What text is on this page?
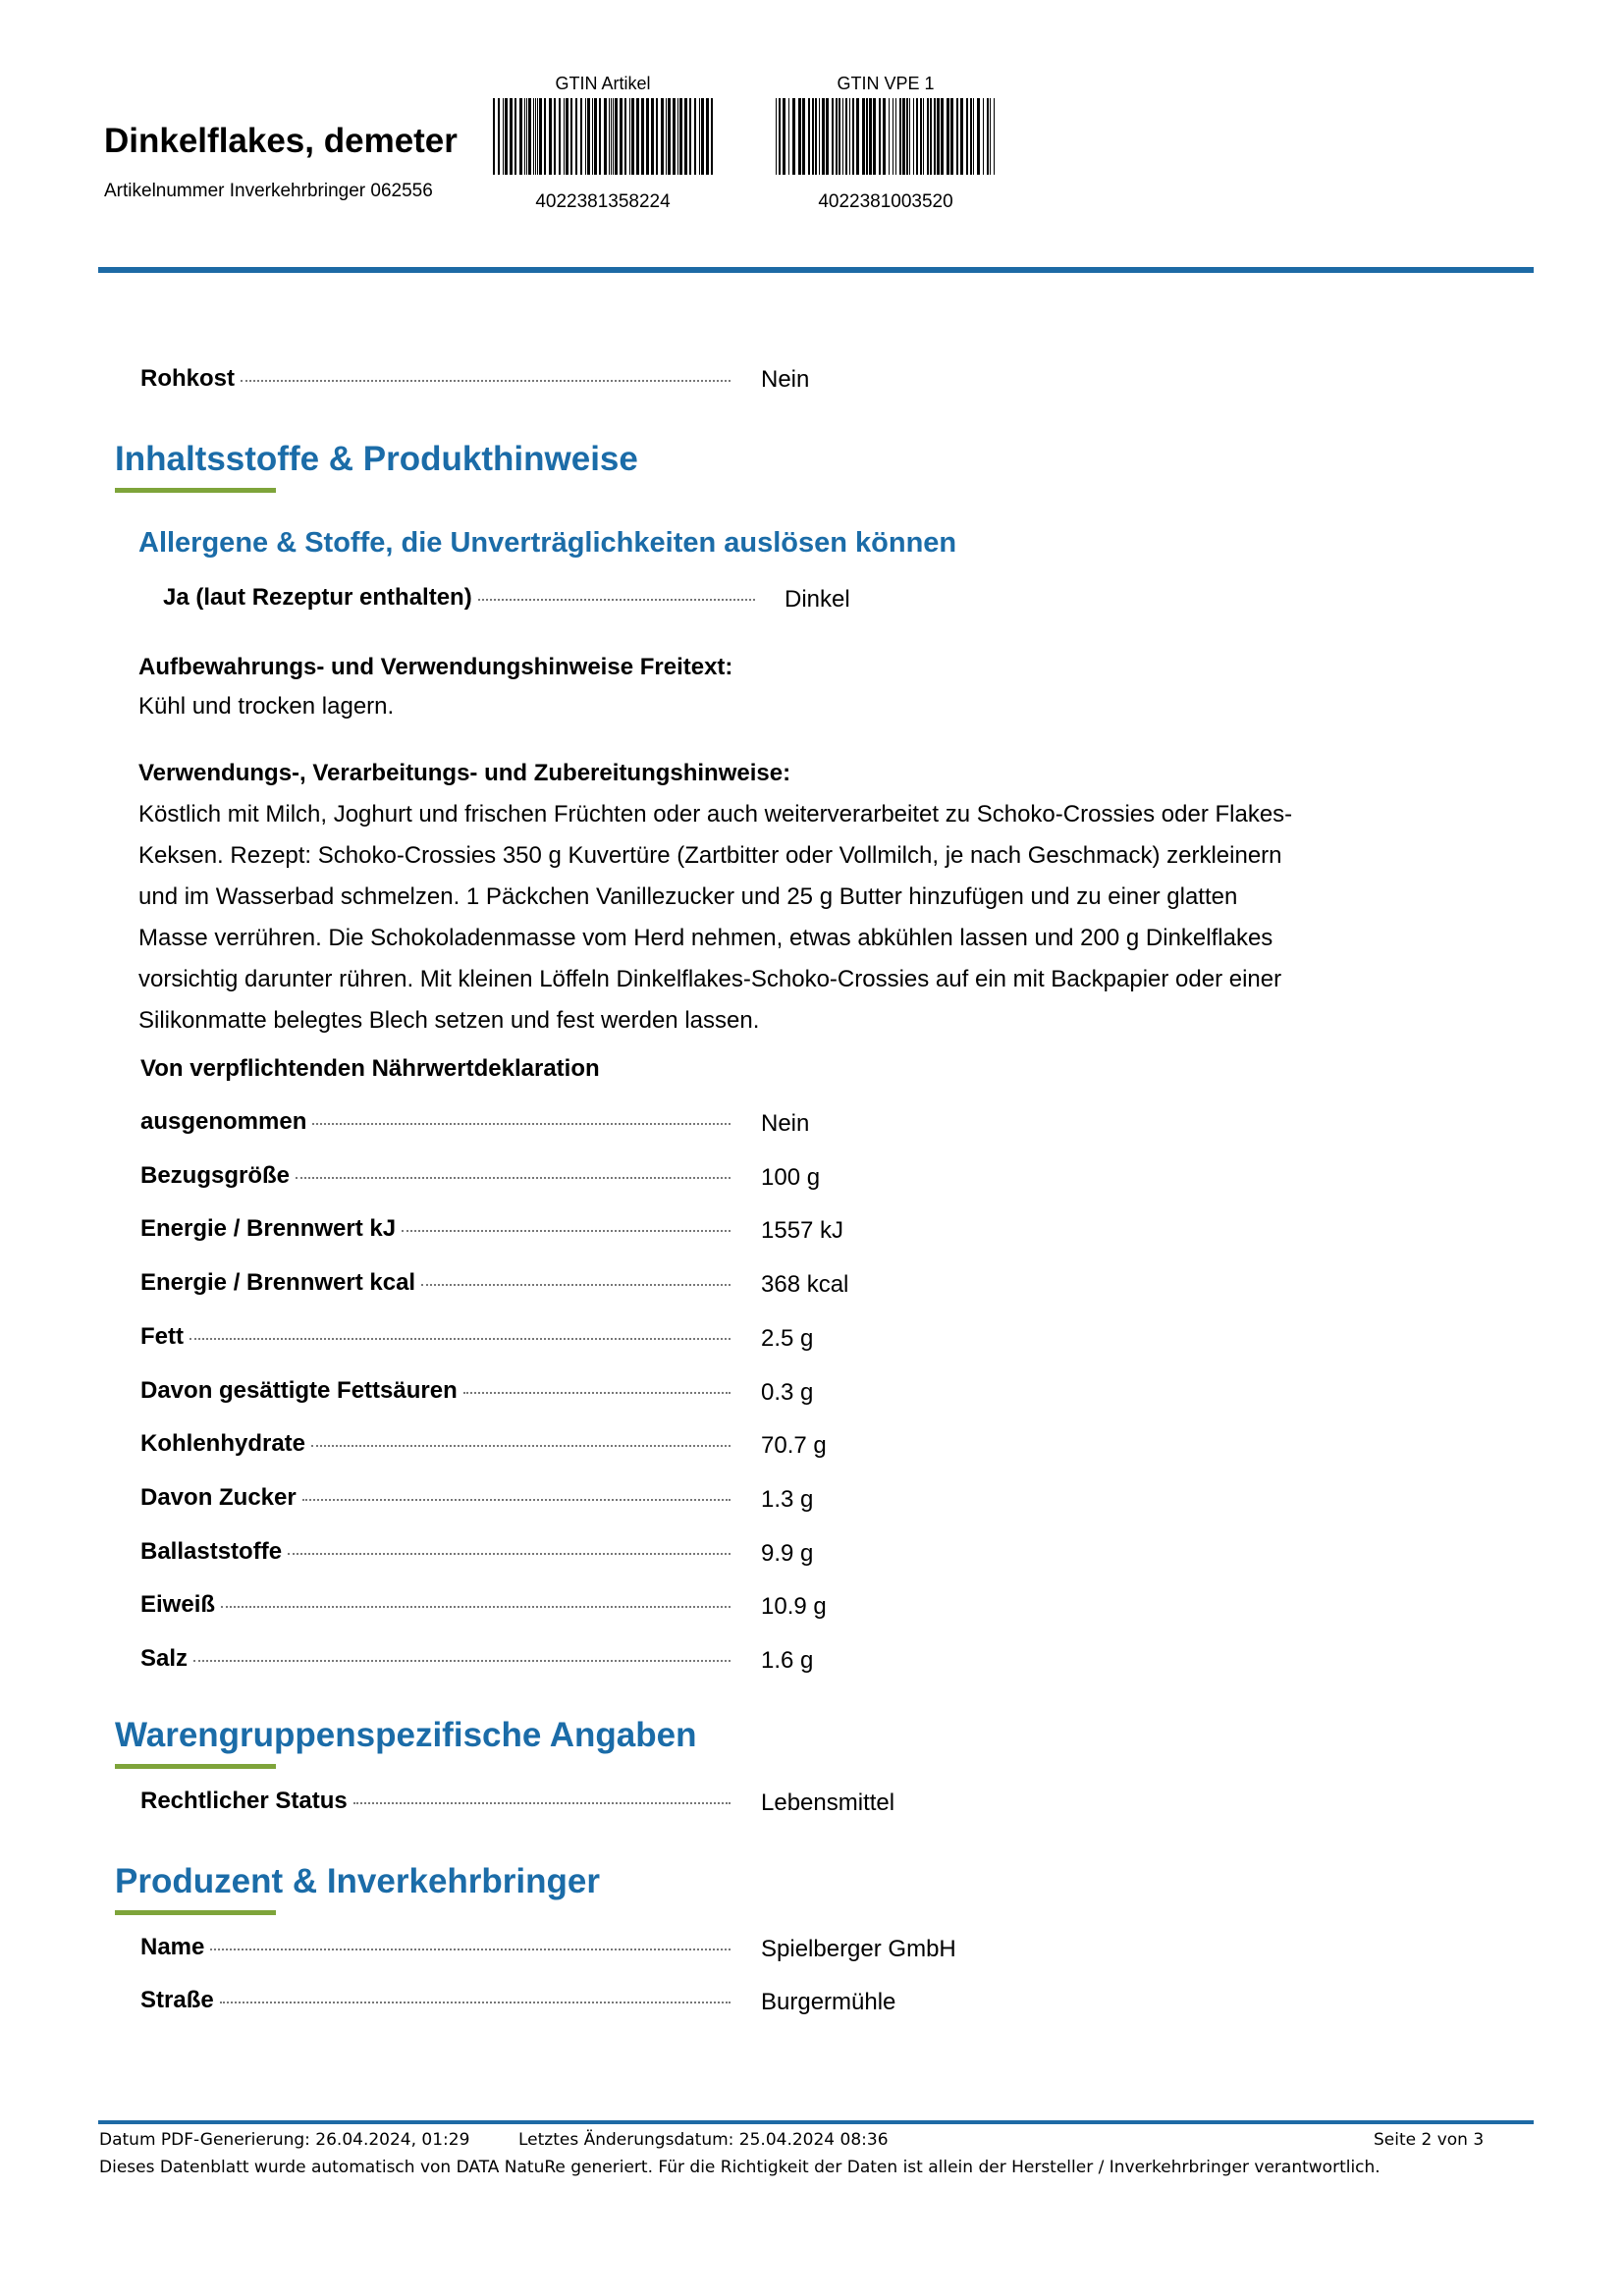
Dinkelflakes, demeter
Artikelnummer Inverkehrbringer 062556
GTIN Artikel
4022381358224
GTIN VPE 1
4022381003520
Rohkost	Nein
Inhaltsstoffe & Produkthinweise
Allergene & Stoffe, die Unverträglichkeiten auslösen können
Ja (laut Rezeptur enthalten)	Dinkel
Aufbewahrungs- und Verwendungshinweise Freitext:
Kühl und trocken lagern.
Verwendungs-, Verarbeitungs- und Zubereitungshinweise:
Köstlich mit Milch, Joghurt und frischen Früchten oder auch weiterverarbeitet zu Schoko-Crossies oder Flakes-
Keksen. Rezept: Schoko-Crossies 350 g Kuvertüre (Zartbitter oder Vollmilch, je nach Geschmack) zerkleinern
und im Wasserbad schmelzen. 1 Päckchen Vanillezucker und 25 g Butter hinzufügen und zu einer glatten
Masse verrühren. Die Schokoladenmasse vom Herd nehmen, etwas abkühlen lassen und 200 g Dinkelflakes
vorsichtig darunter rühren. Mit kleinen Löffeln Dinkelflakes-Schoko-Crossies auf ein mit Backpapier oder einer
Silikonmatte belegtes Blech setzen und fest werden lassen.
Von verpflichtenden Nährwertdeklaration
ausgenommen	Nein
Bezugsgröße	100 g
Energie / Brennwert kJ	1557 kJ
Energie / Brennwert kcal	368 kcal
Fett	2.5 g
Davon gesättigte Fettsäuren	0.3 g
Kohlenhydrate	70.7 g
Davon Zucker	1.3 g
Ballaststoffe	9.9 g
Eiweiß	10.9 g
Salz	1.6 g
Warengruppenspezifische Angaben
Rechtlicher Status	Lebensmittel
Produzent & Inverkehrbringer
Name	Spielberger GmbH
Straße	Burgermühle
Datum PDF-Generierung: 26.04.2024, 01:29	Letztes Änderungsdatum: 25.04.2024 08:36	Seite 2 von 3
Dieses Datenblatt wurde automatisch von DATA NatuRe generiert. Für die Richtigkeit der Daten ist allein der Hersteller / Inverkehrbringer verantwortlich.
